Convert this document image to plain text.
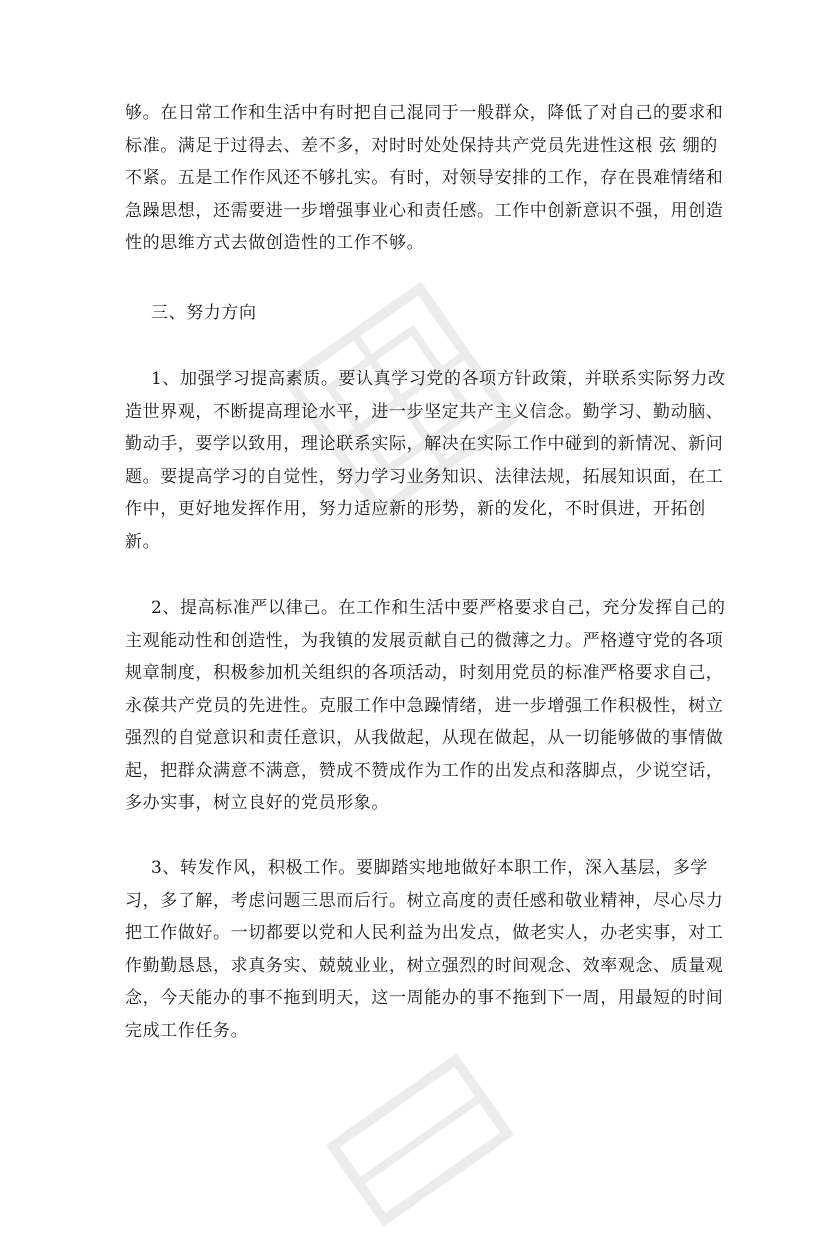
够。在日常工作和生活中有时把自己混同于一般群众，降低了对自己的要求和
标准。满足于过得去、差不多，对时时处处保持共产党员先进性这根 弦 绷的
不紧。五是工作作风还不够扎实。有时，对领导安排的工作，存在畏难情绪和
急躁思想，还需要进一步增强事业心和责任感。工作中创新意识不强，用创造
性的思维方式去做创造性的工作不够。
三、努力方向
1、加强学习提高素质。要认真学习党的各项方针政策，并联系实际努力改
造世界观，不断提高理论水平，进一步坚定共产主义信念。勤学习、勤动脑、
勤动手，要学以致用，理论联系实际，解决在实际工作中碰到的新情况、新问
题。要提高学习的自觉性，努力学习业务知识、法律法规，拓展知识面，在工
作中，更好地发挥作用，努力适应新的形势，新的发化，不时俱进，开拓创
新。
2、提高标准严以律己。在工作和生活中要严格要求自己，充分发挥自己的
主观能动性和创造性，为我镇的发展贡献自己的微薄之力。严格遵守党的各项
规章制度，积极参加机关组织的各项活动，时刻用党员的标准严格要求自己，
永葆共产党员的先进性。克服工作中急躁情绪，进一步增强工作积极性，树立
强烈的自觉意识和责任意识，从我做起，从现在做起，从一切能够做的事情做
起，把群众满意不满意，赞成不赞成作为工作的出发点和落脚点，少说空话，
多办实事，树立良好的党员形象。
3、转发作风，积极工作。要脚踏实地地做好本职工作，深入基层，多学
习，多了解，考虑问题三思而后行。树立高度的责任感和敬业精神，尽心尽力
把工作做好。一切都要以党和人民利益为出发点，做老实人，办老实事，对工
作勤勤恳恳，求真务实、兢兢业业，树立强烈的时间观念、效率观念、质量观
念，今天能办的事不拖到明天，这一周能办的事不拖到下一周，用最短的时间
完成工作任务。
